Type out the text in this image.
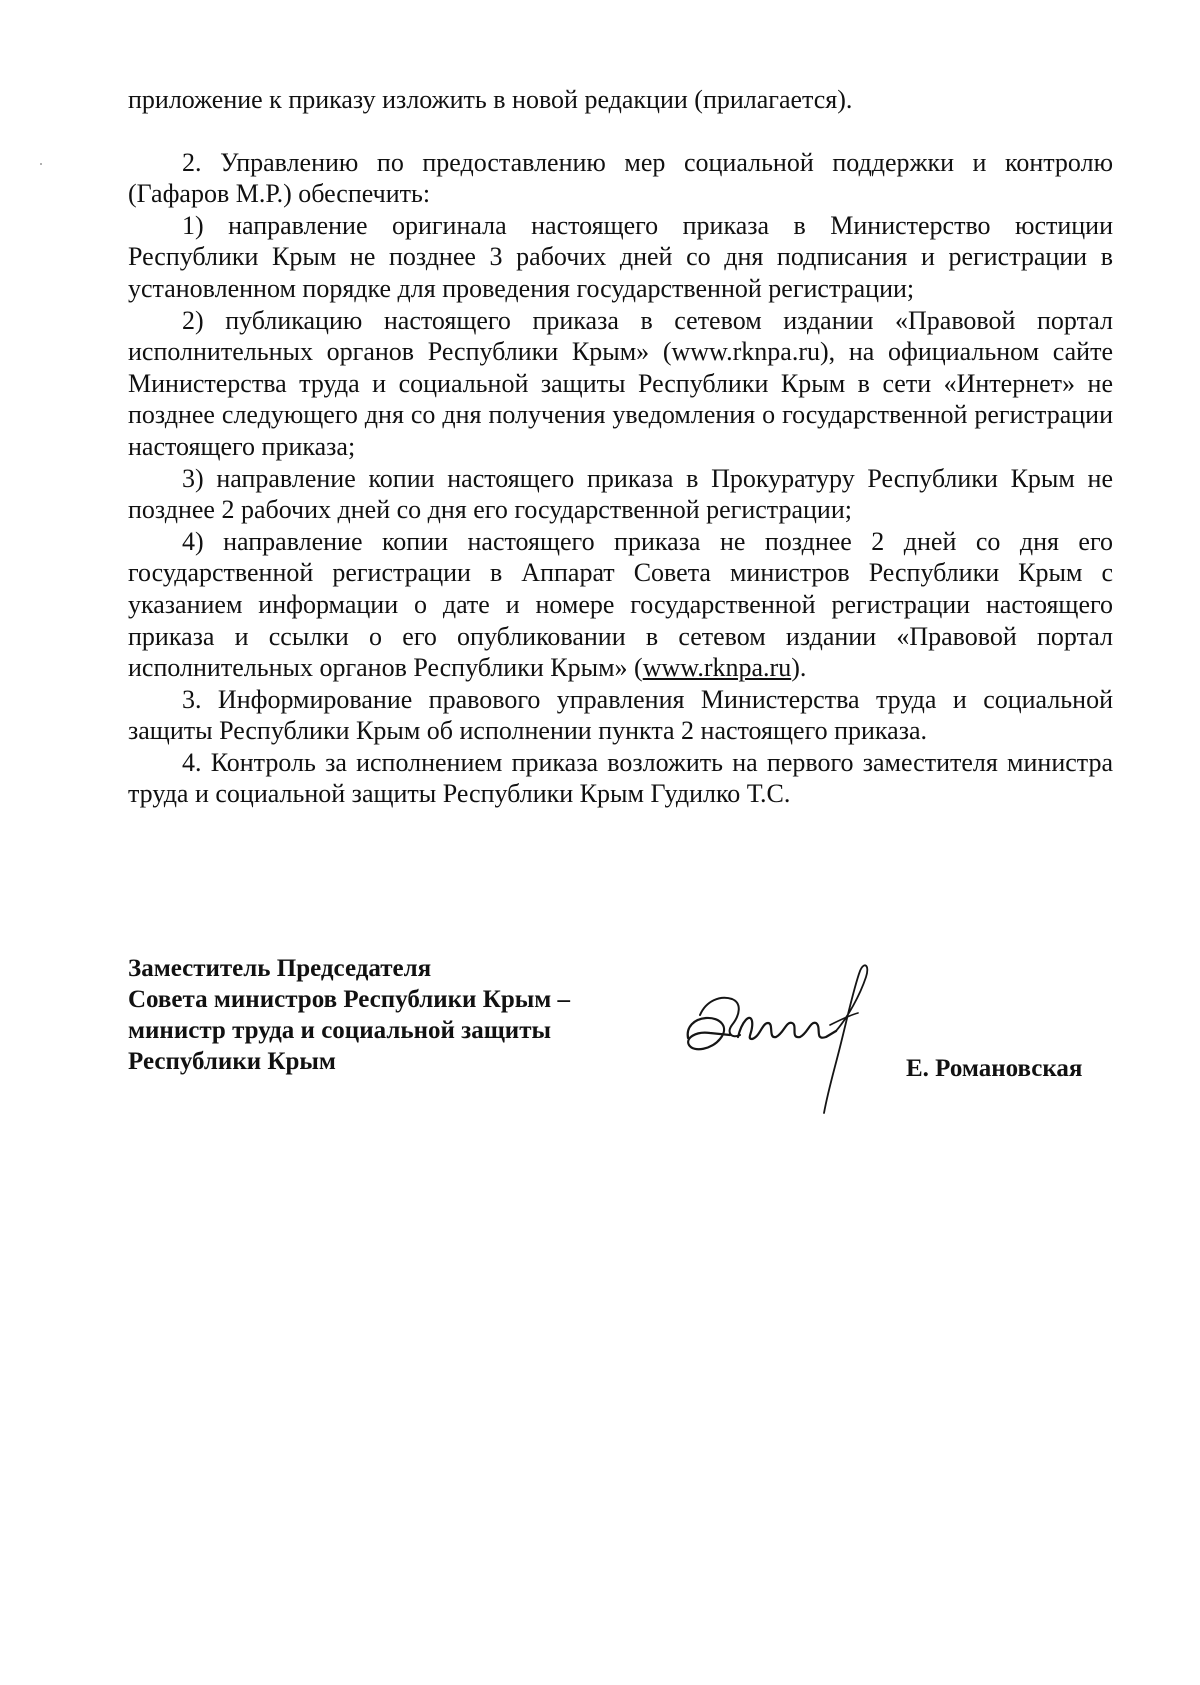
приложение к приказу изложить в новой редакции (прилагается).

2. Управлению по предоставлению мер социальной поддержки и контролю (Гафаров М.Р.) обеспечить:

1) направление оригинала настоящего приказа в Министерство юстиции Республики Крым не позднее 3 рабочих дней со дня подписания и регистрации в установленном порядке для проведения государственной регистрации;

2) публикацию настоящего приказа в сетевом издании «Правовой портал исполнительных органов Республики Крым» (www.rknpa.ru), на официальном сайте Министерства труда и социальной защиты Республики Крым в сети «Интернет» не позднее следующего дня со дня получения уведомления о государственной регистрации настоящего приказа;

3) направление копии настоящего приказа в Прокуратуру Республики Крым не позднее 2 рабочих дней со дня его государственной регистрации;

4) направление копии настоящего приказа не позднее 2 дней со дня его государственной регистрации в Аппарат Совета министров Республики Крым с указанием информации о дате и номере государственной регистрации настоящего приказа и ссылки о его опубликовании в сетевом издании «Правовой портал исполнительных органов Республики Крым» (www.rknpa.ru).

3. Информирование правового управления Министерства труда и социальной защиты Республики Крым об исполнении пункта 2 настоящего приказа.

4. Контроль за исполнением приказа возложить на первого заместителя министра труда и социальной защиты Республики Крым Гудилко Т.С.

Заместитель Председателя
Совета министров Республики Крым –
министр труда и социальной защиты
Республики Крым	Е. Романовская
